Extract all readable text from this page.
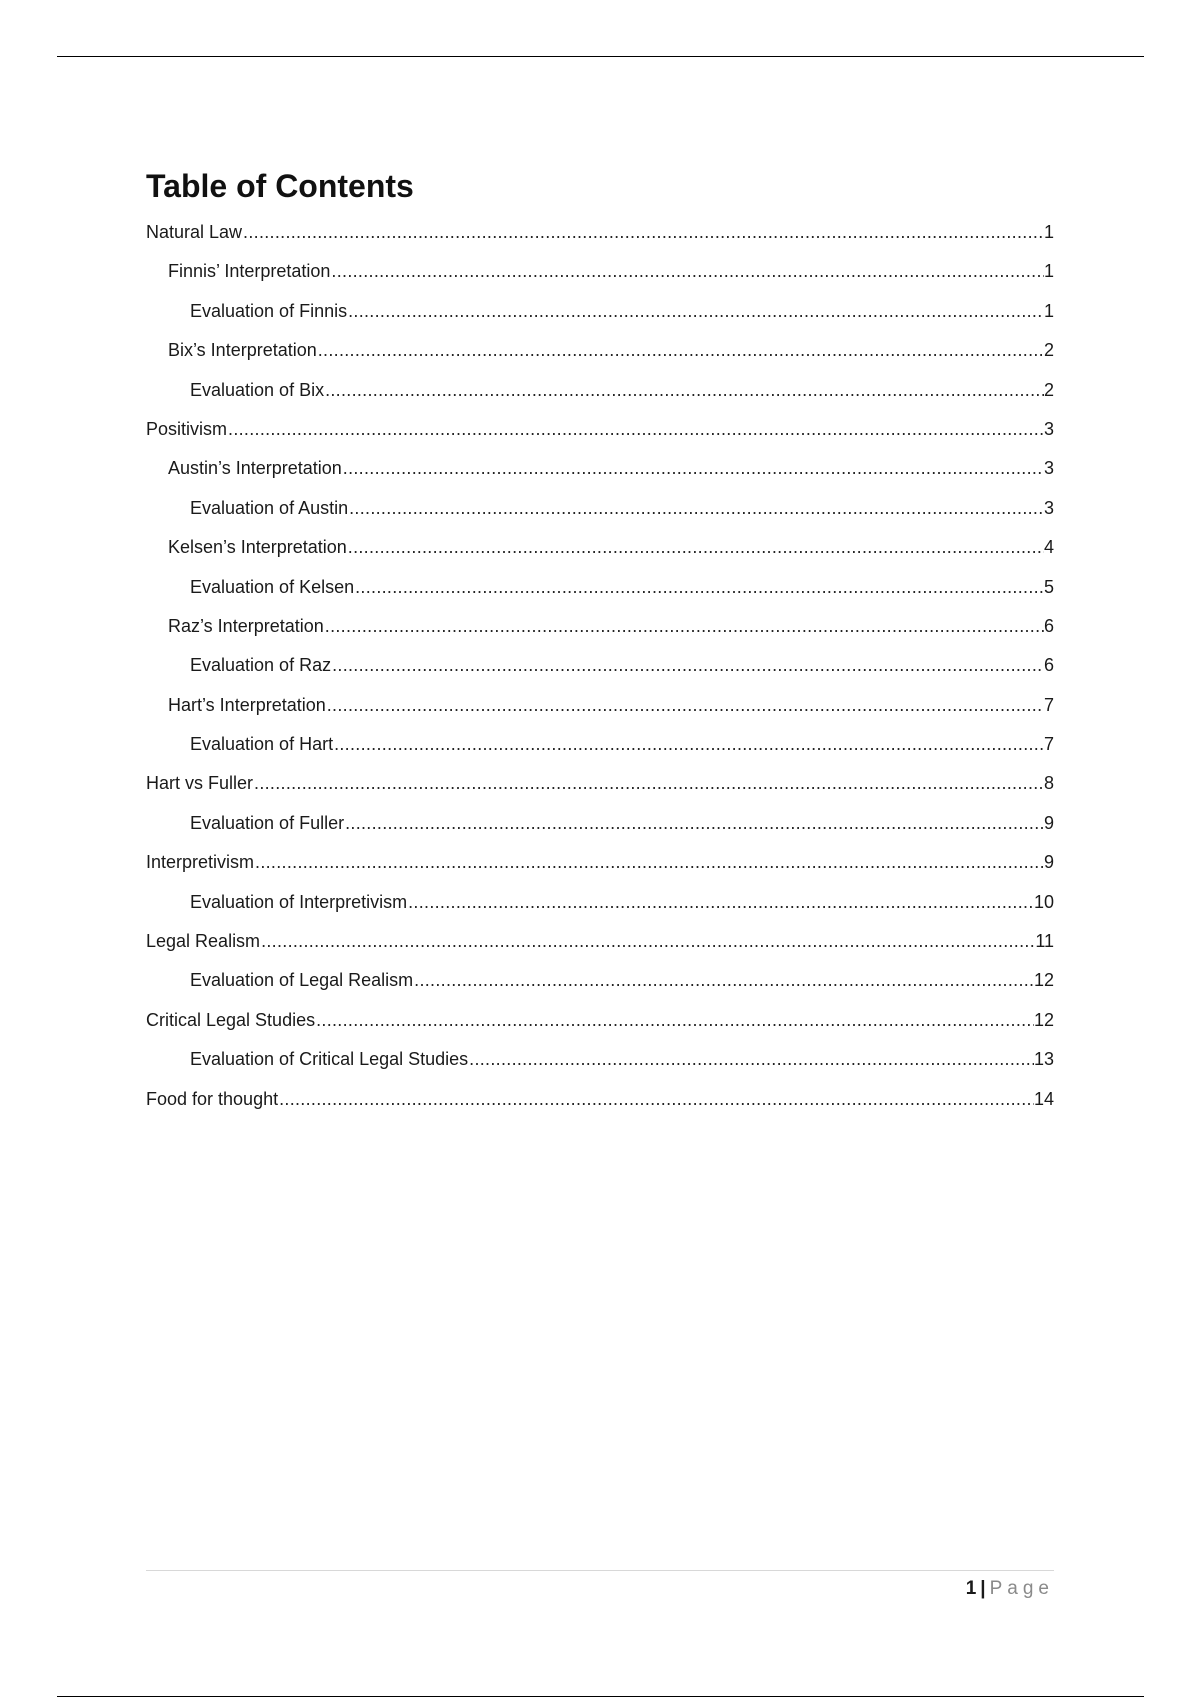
Table of Contents
Natural Law .....	1
Finnis’ Interpretation .....	1
Evaluation of Finnis .....	1
Bix’s Interpretation .....	2
Evaluation of Bix .....	2
Positivism .....	3
Austin’s Interpretation .....	3
Evaluation of Austin .....	3
Kelsen’s Interpretation .....	4
Evaluation of Kelsen .....	5
Raz’s Interpretation .....	6
Evaluation of Raz .....	6
Hart’s Interpretation .....	7
Evaluation of Hart .....	7
Hart vs Fuller .....	8
Evaluation of Fuller .....	9
Interpretivism .....	9
Evaluation of Interpretivism .....	10
Legal Realism .....	11
Evaluation of Legal Realism .....	12
Critical Legal Studies .....	12
Evaluation of Critical Legal Studies .....	13
Food for thought .....	14
1 | Page
